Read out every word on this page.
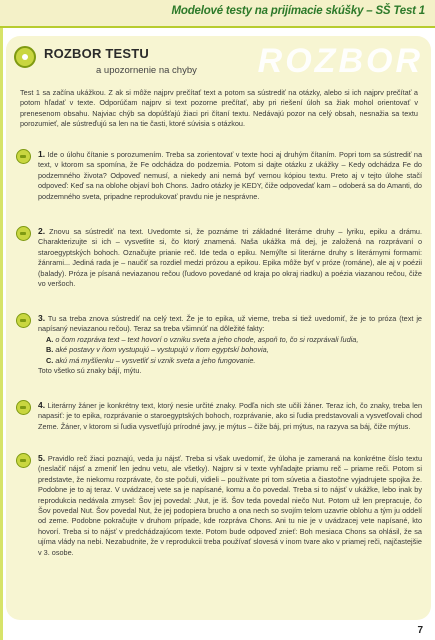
Modelové testy na prijímacie skúšky – SŠ Test 1
ROZBOR
ROZBOR TESTU
a upozornenie na chyby
Test 1 sa začína ukážkou. Z ak si môže najprv prečítať text a potom sa sústrediť na otázky, alebo si ich najprv prečítať a potom hľadať v texte. Odporúčam najprv si text pozorne prečítať, aby pri riešení úloh sa žiak mohol orientovať v prenesenom obsahu. Najviac chýb sa dopúšťajú žiaci pri čítaní textu. Nedávajú pozor na celý obsah, nesnažia sa textu porozumieť, ale sústreďujú sa len na tie časti, ktoré súvisia s otázkou.
1. Ide o úlohu čítanie s porozumením. Treba sa zorientovať v texte hoci aj druhým čítaním. Popri tom sa sústrediť na text, v ktorom sa spomína, že Fe odchádza do podzemia. Potom si dajte otázku z ukážky – Kedy odchádza Fe do podzemného života? Odpoveď nemusí, a niekedy ani nemá byť vernou kópiou textu. Preto aj v tejto úlohe stačí odpoveď: Keď sa na oblohe objaví boh Chons. Jadro otázky je KEDY, čiže odpovedať kam – odoberá sa do Amanti, do podzemného sveta, pripadne reprodukovať pravdu nie je nesprávne.
2. Znovu sa sústrediť na text. Uvedomte si, že poznáme tri základné literárne druhy – lyriku, epiku a drámu. Charakterizujte si ich – vysvetlite si, čo ktorý znamená. Naša ukážka má dej, je založená na rozprávaní o staroegyptských bohoch. Označujte prianie reč. Ide teda o epiku. Nemýľte si literárne druhy s literárnymi formami: žánrami... Jediná rada je – naučiť sa rozdiel medzi prózou a epikou. Epika môže byť v próze (románe), ale aj v poézii (balady). Próza je písaná neviazanou rečou (ľudovo povedané od kraja po okraj riadku) a poézia viazanou rečou, čiže vo veršoch.
3. Tu sa treba znova sústrediť na celý text. Že je to epika, už vieme, treba si tiež uvedomiť, že je to próza (text je napísaný neviazanou rečou). Teraz sa treba všimnúť na dôležité fakty:
A. o čom rozpráva text – text hovorí o vzniku sveta a jeho chode, aspoň to, čo si rozprávali ľudia,
B. aké postavy v ňom vystupujú – vystupujú v ňom egyptskí bohovia,
C. akú má myšlienku – vysvetliť si vznik sveta a jeho fungovanie.
Toto všetko sú znaky bájí, mýtu.
4. Literárny žáner je konkrétny text, ktorý nesie určité znaky. Podľa nich ste učili žáner. Teraz ich, čo znaky, treba len napasiť: je to epika, rozprávanie o staroegyptských bohoch, rozprávanie, ako si ľudia predstavovali a vysvetľovali chod Zeme. Žáner, v ktorom si ľudia vysvetľujú prírodné javy, je mýtus – čiže báj, pri mýtus, na razyva sa báj, čiže mýtus.
5. Pravidlo reč žiaci poznajú, veda ju nájsť. Treba si však uvedomiť, že úloha je zameraná na konkrétne číslo textu (neslačiť nájsť a zmeniť len jednu vetu, ale všetky). Najprv si v texte vyhľadajte priamu reč – priame reči. Potom si predstavte, že niekomu rozprávate, čo ste počuli, vidieli – používate pri tom súvetia a čiastočne vyjadrujete spojka že. Podobne je to aj teraz. V uvádzacej vete sa je napísané, komu a čo povedal. Treba si to nájsť v ukážke, lebo inak by reprodukcia nedávala zmysel: Šov jej povedal: „Nut, je iš. Šov teda povedal niečo Nut. Potom už len prepracuje, čo Šov povedal Nut. Šov povedal Nut, že jej podopiera brucho a ona nech so svojím telom uzavrie oblohu a tým ju oddelí od zeme. Podobne pokračujte v druhom prípade, kde rozpráva Chons. Ani tu nie je v uvádzacej vete napísané, kto hovorí. Treba si to nájsť v predchádzajúcom texte. Potom bude odpoveď znieť: Boh mesiaca Chons sa ohlásil, že sa ujíma vlády na nebi. Nezabudnite, že v reprodukcii treba používať slovesá v inom tvare ako v priamej reči, najčastejšie v 3. osobe.
7
